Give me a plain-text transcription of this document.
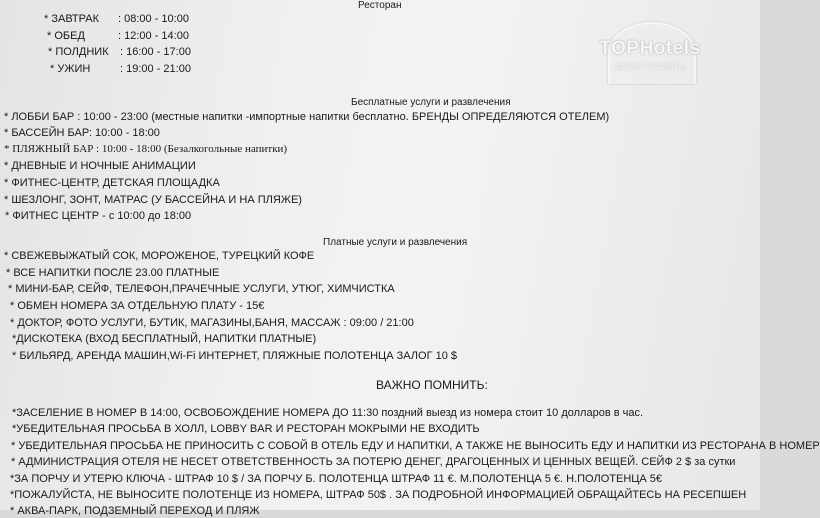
TOPHotels
ФОТО ТУРИСТА
Ресторан
* ЗАВТРАК : 08:00 - 10:00
* ОБЕД	: 12:00 - 14:00
* ПОЛДНИК : 16:00 - 17:00
* УЖИН	: 19:00 - 21:00
Бесплатные услуги и развлечения
* ЛОББИ БАР : 10:00 - 23:00 (местные напитки -импортные напитки бесплатно. БРЕНДЫ ОПРЕДЕЛЯЮТСЯ ОТЕЛЕМ)
* БАССЕЙН БАР: 10:00 - 18:00
* ПЛЯЖНЫЙ БАР : 10:00 - 18:00 (Безалкогольные напитки)
* ДНЕВНЫЕ И НОЧНЫЕ АНИМАЦИИ
* ФИТНЕС-ЦЕНТР, ДЕТСКАЯ ПЛОЩАДКА
* ШЕЗЛОНГ, ЗОНТ, МАТРАС (У БАССЕЙНА И НА ПЛЯЖЕ)
* ФИТНЕС ЦЕНТР - с 10:00 до 18:00
Платные услуги и развлечения
* СВЕЖЕВЫЖАТЫЙ СОК, МОРОЖЕНОЕ, ТУРЕЦКИЙ КОФЕ
* ВСЕ НАПИТКИ ПОСЛЕ 23.00 ПЛАТНЫЕ
* МИНИ-БАР, СЕЙФ, ТЕЛЕФОН,ПРАЧЕЧНЫЕ УСЛУГИ, УТЮГ, ХИМЧИСТКА
* ОБМЕН НОМЕРА ЗА ОТДЕЛЬНУЮ ПЛАТУ - 15€
* ДОКТОР, ФОТО УСЛУГИ, БУТИК, МАГАЗИНЫ,БАНЯ, МАССАЖ : 09:00 / 21:00
*ДИСКОТЕКА (ВХОД БЕСПЛАТНЫЙ, НАПИТКИ ПЛАТНЫЕ)
* БИЛЬЯРД, АРЕНДА МАШИН,Wi-Fi ИНТЕРНЕТ, ПЛЯЖНЫЕ ПОЛОТЕНЦА ЗАЛОГ 10 $
ВАЖНО ПОМНИТЬ:
*ЗАСЕЛЕНИЕ В НОМЕР В 14:00, ОСВОБОЖДЕНИЕ НОМЕРА ДО 11:30 поздний выезд из номера стоит 10 долларов в час.
*УБЕДИТЕЛЬНАЯ ПРОСЬБА В ХОЛЛ, LOBBY BAR И РЕСТОРАН МОКРЫМИ НЕ ВХОДИТЬ
* УБЕДИТЕЛЬНАЯ ПРОСЬБА НЕ ПРИНОСИТЬ С СОБОЙ В ОТЕЛЬ ЕДУ И НАПИТКИ, А ТАКЖЕ НЕ ВЫНОСИТЬ ЕДУ И НАПИТКИ ИЗ РЕСТОРАНА В НОМЕР
* АДМИНИСТРАЦИЯ ОТЕЛЯ НЕ НЕСЕТ ОТВЕТСТВЕННОСТЬ ЗА ПОТЕРЮ ДЕНЕГ, ДРАГОЦЕННЫХ И ЦЕННЫХ ВЕЩЕЙ. СЕЙФ 2 $ за сутки
*ЗА ПОРЧУ И УТЕРЮ КЛЮЧА - ШТРАФ 10 $ / ЗА ПОРЧУ Б. ПОЛОТЕНЦА ШТРАФ 11 €. М.ПОЛОТЕНЦА 5 €. Н.ПОЛОТЕНЦА 5€
*ПОЖАЛУЙСТА, НЕ ВЫНОСИТЕ ПОЛОТЕНЦЕ ИЗ НОМЕРА, ШТРАФ 50$ . ЗА ПОДРОБНОЙ ИНФОРМАЦИЕЙ ОБРАЩАЙТЕСЬ НА РЕСЕПШЕН
* АКВА-ПАРК, ПОДЗЕМНЫЙ ПЕРЕХОД И ПЛЯЖ
